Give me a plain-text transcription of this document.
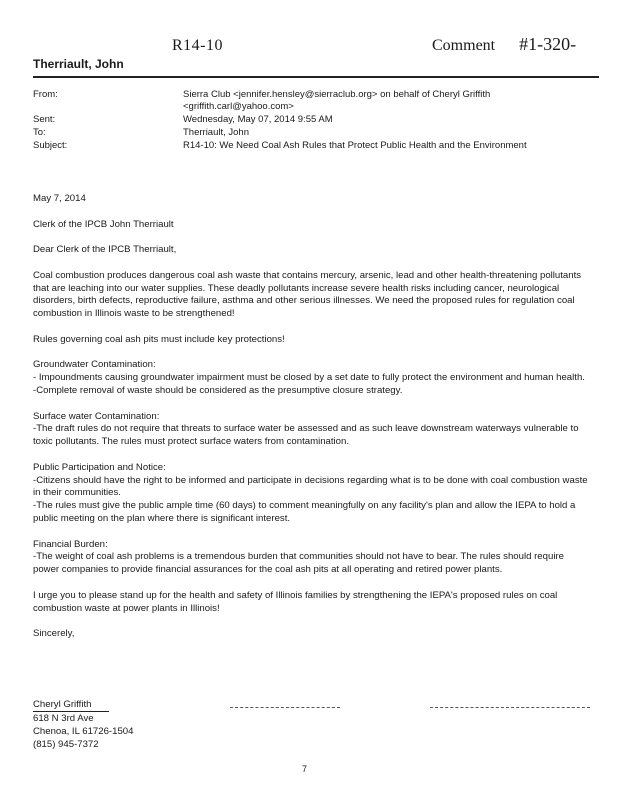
R14-10	Comment #1-320-
Therriault, John
From:	Sierra Club <jennifer.hensley@sierraclub.org> on behalf of Cheryl Griffith
<griffith.carl@yahoo.com>
Sent:	Wednesday, May 07, 2014 9:55 AM
To:	Therriault, John
Subject:	R14-10: We Need Coal Ash Rules that Protect Public Health and the Environment

May 7, 2014

Clerk of the IPCB John Therriault

Dear Clerk of the IPCB Therriault,

Coal combustion produces dangerous coal ash waste that contains mercury, arsenic, lead and other health-threatening pollutants that are leaching into our water supplies. These deadly pollutants increase severe health risks including cancer, neurological disorders, birth defects, reproductive failure, asthma and other serious illnesses. We need the proposed rules for regulation coal combustion in Illinois waste to be strengthened!

Rules governing coal ash pits must include key protections!

Groundwater Contamination:
- Impoundments causing groundwater impairment must be closed by a set date to fully protect the environment and human health.
-Complete removal of waste should be considered as the presumptive closure strategy.

Surface water Contamination:
-The draft rules do not require that threats to surface water be assessed and as such leave downstream waterways vulnerable to toxic pollutants. The rules must protect surface waters from contamination.

Public Participation and Notice:
-Citizens should have the right to be informed and participate in decisions regarding what is to be done with coal combustion waste in their communities.
-The rules must give the public ample time (60 days) to comment meaningfully on any facility's plan and allow the IEPA to hold a public meeting on the plan where there is significant interest.

Financial Burden:
-The weight of coal ash problems is a tremendous burden that communities should not have to bear. The rules should require power companies to provide financial assurances for the coal ash pits at all operating and retired power plants.

I urge you to please stand up for the health and safety of Illinois families by strengthening the IEPA's proposed rules on coal combustion waste at power plants in Illinois!

Sincerely,

Cheryl Griffith
618 N 3rd Ave
Chenoa, IL 61726-1504
(815) 945-7372
7
